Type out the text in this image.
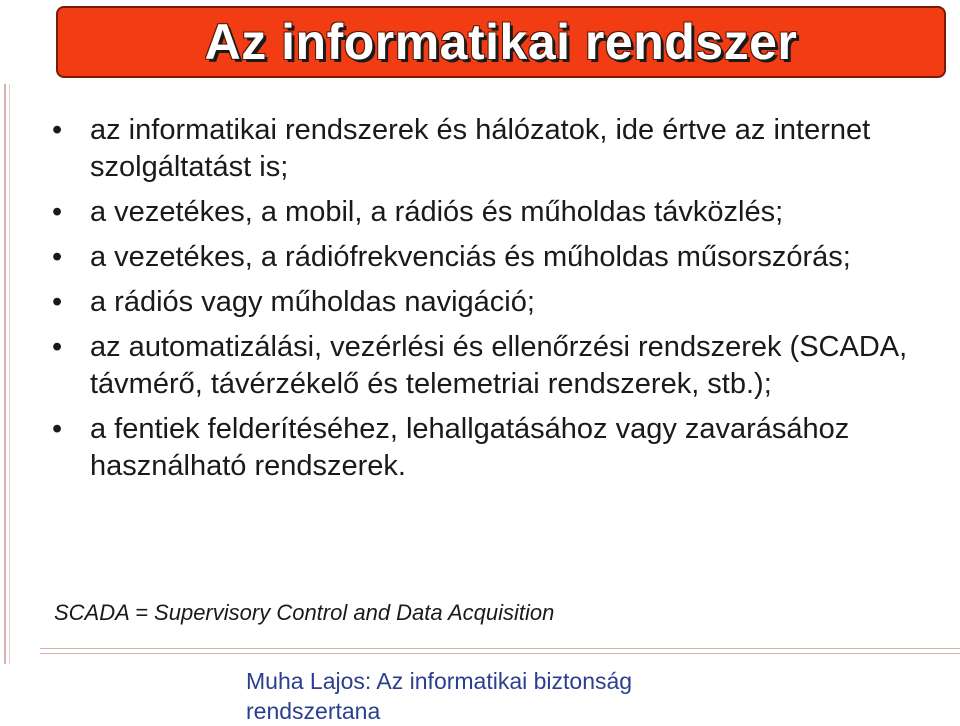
Az informatikai rendszer
• az informatikai rendszerek és hálózatok, ide értve az internet szolgáltatást is;
• a vezetékes, a mobil, a rádiós és műholdas távközlés;
• a vezetékes, a rádiófrekvenciás és műholdas műsorszórás;
• a rádiós vagy műholdas navigáció;
• az automatizálási, vezérlési és ellenőrzési rendszerek (SCADA, távmérő, távérzékelő és telemetriai rendszerek, stb.);
• a fentiek felderítéséhez, lehallgatásához vagy zavarásához használható rendszerek.
SCADA = Supervisory Control and Data Acquisition
Muha Lajos: Az informatikai biztonság rendszertana
